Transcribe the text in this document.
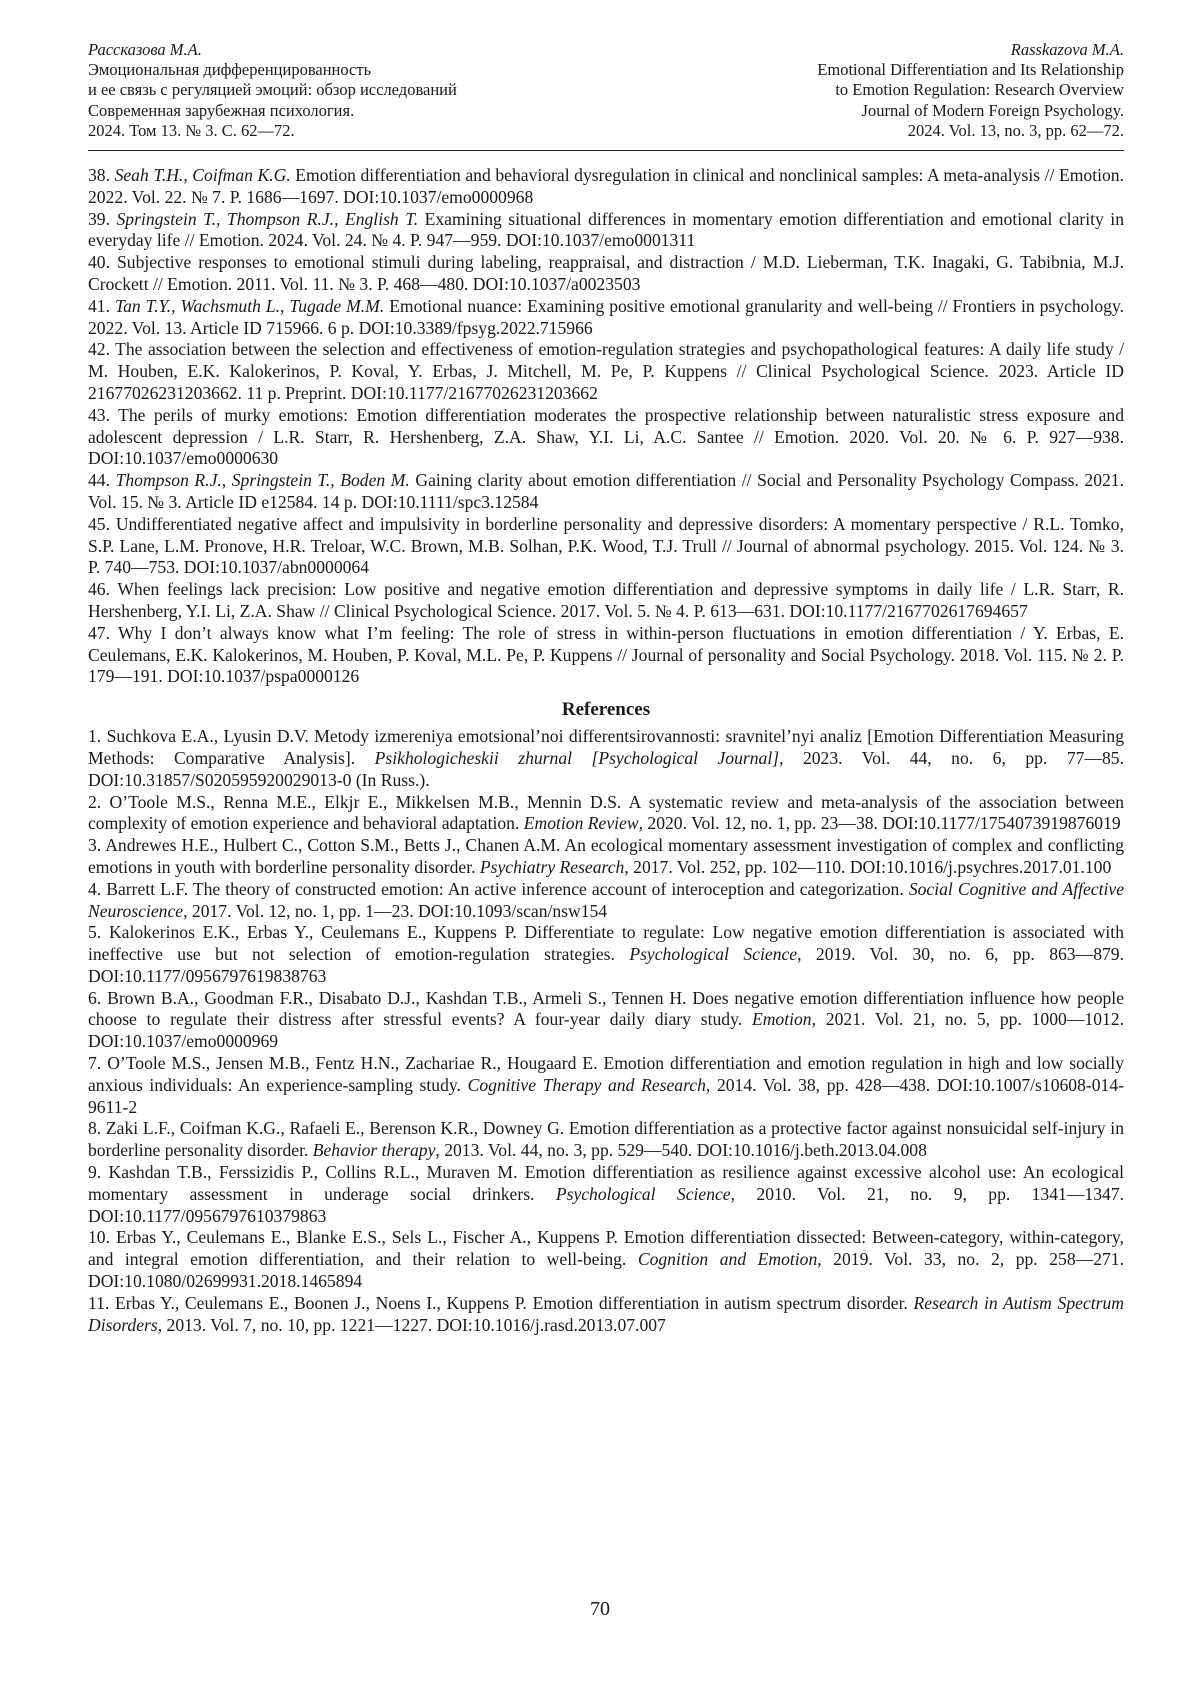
Рассказова М.А.
Эмоциональная дифференцированность
и ее связь с регуляцией эмоций: обзор исследований
Современная зарубежная психология.
2024. Том 13. № 3. С. 62—72.
Rasskazova M.A.
Emotional Differentiation and Its Relationship
to Emotion Regulation: Research Overview
Journal of Modern Foreign Psychology.
2024. Vol. 13, no. 3, pp. 62—72.

38. Seah T.H., Coifman K.G. Emotion differentiation and behavioral dysregulation in clinical and nonclinical samples: A meta-analysis // Emotion. 2022. Vol. 22. № 7. P. 1686—1697. DOI:10.1037/emo0000968

39. Springstein T., Thompson R.J., English T. Examining situational differences in momentary emotion differentiation and emotional clarity in everyday life // Emotion. 2024. Vol. 24. № 4. P. 947—959. DOI:10.1037/emo0001311

40. Subjective responses to emotional stimuli during labeling, reappraisal, and distraction / M.D. Lieberman, T.K. Inagaki, G. Tabibnia, M.J. Crockett // Emotion. 2011. Vol. 11. № 3. P. 468—480. DOI:10.1037/a0023503

41. Tan T.Y., Wachsmuth L., Tugade M.M. Emotional nuance: Examining positive emotional granularity and well-being // Frontiers in psychology. 2022. Vol. 13. Article ID 715966. 6 p. DOI:10.3389/fpsyg.2022.715966

42. The association between the selection and effectiveness of emotion-regulation strategies and psychopathological features: A daily life study / M. Houben, E.K. Kalokerinos, P. Koval, Y. Erbas, J. Mitchell, M. Pe, P. Kuppens // Clinical Psychological Science. 2023. Article ID 21677026231203662. 11 p. Preprint. DOI:10.1177/21677026231203662

43. The perils of murky emotions: Emotion differentiation moderates the prospective relationship between naturalistic stress exposure and adolescent depression / L.R. Starr, R. Hershenberg, Z.A. Shaw, Y.I. Li, A.C. Santee // Emotion. 2020. Vol. 20. № 6. P. 927—938. DOI:10.1037/emo0000630

44. Thompson R.J., Springstein T., Boden M. Gaining clarity about emotion differentiation // Social and Personality Psychology Compass. 2021. Vol. 15. № 3. Article ID e12584. 14 p. DOI:10.1111/spc3.12584

45. Undifferentiated negative affect and impulsivity in borderline personality and depressive disorders: A momentary perspective / R.L. Tomko, S.P. Lane, L.M. Pronove, H.R. Treloar, W.C. Brown, M.B. Solhan, P.K. Wood, T.J. Trull // Journal of abnormal psychology. 2015. Vol. 124. № 3. P. 740—753. DOI:10.1037/abn0000064

46. When feelings lack precision: Low positive and negative emotion differentiation and depressive symptoms in daily life / L.R. Starr, R. Hershenberg, Y.I. Li, Z.A. Shaw // Clinical Psychological Science. 2017. Vol. 5. № 4. P. 613—631. DOI:10.1177/2167702617694657

47. Why I don’t always know what I’m feeling: The role of stress in within-person fluctuations in emotion differentiation / Y. Erbas, E. Ceulemans, E.K. Kalokerinos, M. Houben, P. Koval, M.L. Pe, P. Kuppens // Journal of personality and Social Psychology. 2018. Vol. 115. № 2. P. 179—191. DOI:10.1037/pspa0000126

References

1. Suchkova E.A., Lyusin D.V. Metody izmereniya emotsional’noi differentsirovannosti: sravnitel’nyi analiz [Emotion Differentiation Measuring Methods: Comparative Analysis]. Psikhologicheskii zhurnal [Psychological Journal], 2023. Vol. 44, no. 6, pp. 77—85. DOI:10.31857/S020595920029013-0 (In Russ.).

2. O’Toole M.S., Renna M.E., Elkjr E., Mikkelsen M.B., Mennin D.S. A systematic review and meta-analysis of the association between complexity of emotion experience and behavioral adaptation. Emotion Review, 2020. Vol. 12, no. 1, pp. 23—38. DOI:10.1177/1754073919876019

3. Andrewes H.E., Hulbert C., Cotton S.M., Betts J., Chanen A.M. An ecological momentary assessment investigation of complex and conflicting emotions in youth with borderline personality disorder. Psychiatry Research, 2017. Vol. 252, pp. 102—110. DOI:10.1016/j.psychres.2017.01.100

4. Barrett L.F. The theory of constructed emotion: An active inference account of interoception and categorization. Social Cognitive and Affective Neuroscience, 2017. Vol. 12, no. 1, pp. 1—23. DOI:10.1093/scan/nsw154

5. Kalokerinos E.K., Erbas Y., Ceulemans E., Kuppens P. Differentiate to regulate: Low negative emotion differentiation is associated with ineffective use but not selection of emotion-regulation strategies. Psychological Science, 2019. Vol. 30, no. 6, pp. 863—879. DOI:10.1177/0956797619838763

6. Brown B.A., Goodman F.R., Disabato D.J., Kashdan T.B., Armeli S., Tennen H. Does negative emotion differentiation influence how people choose to regulate their distress after stressful events? A four-year daily diary study. Emotion, 2021. Vol. 21, no. 5, pp. 1000—1012. DOI:10.1037/emo0000969

7. O’Toole M.S., Jensen M.B., Fentz H.N., Zachariae R., Hougaard E. Emotion differentiation and emotion regulation in high and low socially anxious individuals: An experience-sampling study. Cognitive Therapy and Research, 2014. Vol. 38, pp. 428—438. DOI:10.1007/s10608-014-9611-2

8. Zaki L.F., Coifman K.G., Rafaeli E., Berenson K.R., Downey G. Emotion differentiation as a protective factor against nonsuicidal self-injury in borderline personality disorder. Behavior therapy, 2013. Vol. 44, no. 3, pp. 529—540. DOI:10.1016/j.beth.2013.04.008

9. Kashdan T.B., Ferssizidis P., Collins R.L., Muraven M. Emotion differentiation as resilience against excessive alcohol use: An ecological momentary assessment in underage social drinkers. Psychological Science, 2010. Vol. 21, no. 9, pp. 1341—1347. DOI:10.1177/0956797610379863

10. Erbas Y., Ceulemans E., Blanke E.S., Sels L., Fischer A., Kuppens P. Emotion differentiation dissected: Between-category, within-category, and integral emotion differentiation, and their relation to well-being. Cognition and Emotion, 2019. Vol. 33, no. 2, pp. 258—271. DOI:10.1080/02699931.2018.1465894

11. Erbas Y., Ceulemans E., Boonen J., Noens I., Kuppens P. Emotion differentiation in autism spectrum disorder. Research in Autism Spectrum Disorders, 2013. Vol. 7, no. 10, pp. 1221—1227. DOI:10.1016/j.rasd.2013.07.007

70
